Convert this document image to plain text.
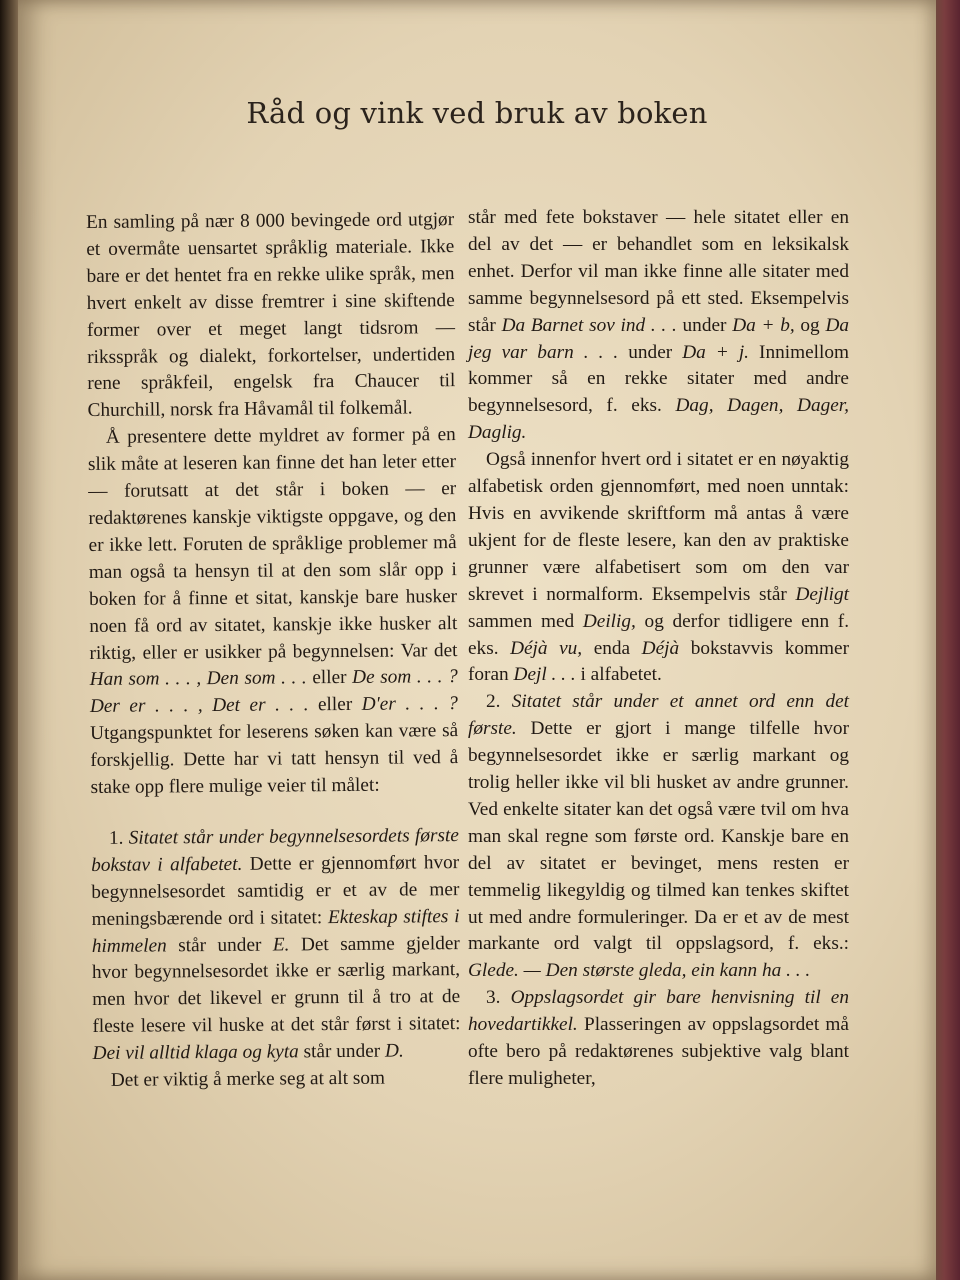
Råd og vink ved bruk av boken

En samling på nær 8 000 bevingede ord utgjør et overmåte uensartet språklig materiale. Ikke bare er det hentet fra en rekke ulike språk, men hvert enkelt av disse fremtrer i sine skiftende former over et meget langt tidsrom — riksspråk og dialekt, forkortelser, undertiden rene språkfeil, engelsk fra Chaucer til Churchill, norsk fra Håvamål til folkemål.

Å presentere dette myldret av former på en slik måte at leseren kan finne det han leter etter — forutsatt at det står i boken — er redaktørenes kanskje viktigste oppgave, og den er ikke lett. Foruten de språklige problemer må man også ta hensyn til at den som slår opp i boken for å finne et sitat, kanskje bare husker noen få ord av sitatet, kanskje ikke husker alt riktig, eller er usikker på begynnelsen: Var det Han som . . . , Den som . . . eller De som . . . ? Der er . . . , Det er . . . eller D'er . . . ? Utgangspunktet for leserens søken kan være så forskjellig. Dette har vi tatt hensyn til ved å stake opp flere mulige veier til målet:

1. Sitatet står under begynnelsesordets første bokstav i alfabetet. Dette er gjennomført hvor begynnelsesordet samtidig er et av de mer meningsbærende ord i sitatet: Ekteskap stiftes i himmelen står under E. Det samme gjelder hvor begynnelsesordet ikke er særlig markant, men hvor det likevel er grunn til å tro at de fleste lesere vil huske at det står først i sitatet: Dei vil alltid klaga og kyta står under D.

Det er viktig å merke seg at alt som

står med fete bokstaver — hele sitatet eller en del av det — er behandlet som en leksikalsk enhet. Derfor vil man ikke finne alle sitater med samme begynnelsesord på ett sted. Eksempelvis står Da Barnet sov ind . . . under Da + b, og Da jeg var barn . . . under Da + j. Innimellom kommer så en rekke sitater med andre begynnelsesord, f. eks. Dag, Dagen, Dager, Daglig.

Også innenfor hvert ord i sitatet er en nøyaktig alfabetisk orden gjennomført, med noen unntak: Hvis en avvikende skriftform må antas å være ukjent for de fleste lesere, kan den av praktiske grunner være alfabetisert som om den var skrevet i normalform. Eksempelvis står Dejligt sammen med Deilig, og derfor tidligere enn f. eks. Déjà vu, enda Déjà bokstavvis kommer foran Dejl . . . i alfabetet.

2. Sitatet står under et annet ord enn det første. Dette er gjort i mange tilfelle hvor begynnelsesordet ikke er særlig markant og trolig heller ikke vil bli husket av andre grunner. Ved enkelte sitater kan det også være tvil om hva man skal regne som første ord. Kanskje bare en del av sitatet er bevinget, mens resten er temmelig likegyldig og tilmed kan tenkes skiftet ut med andre formuleringer. Da er et av de mest markante ord valgt til oppslagsord, f. eks.: Glede. — Den største gleda, ein kann ha . . .

3. Oppslagsordet gir bare henvisning til en hovedartikkel. Plasseringen av oppslagsordet må ofte bero på redaktørenes subjektive valg blant flere muligheter,
